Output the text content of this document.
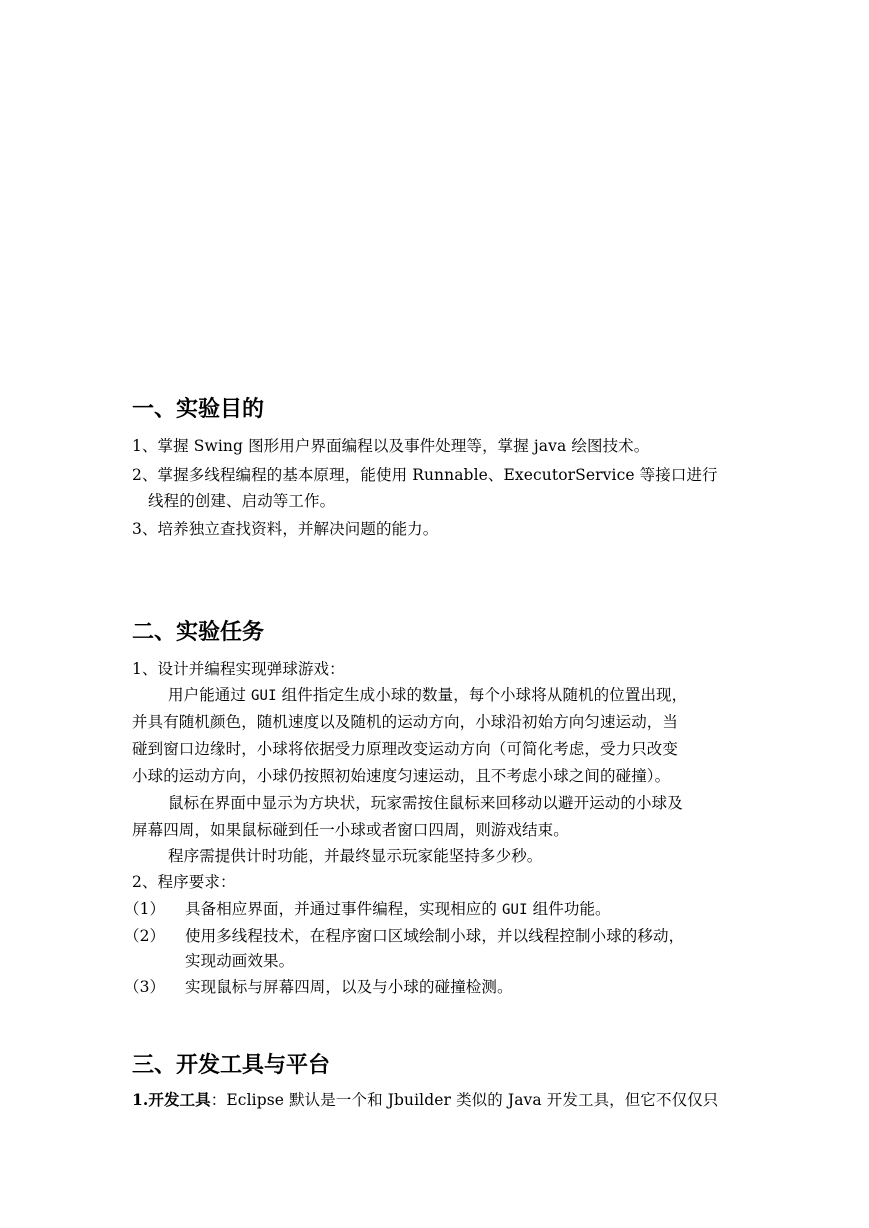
一、实验目的
1、掌握 Swing 图形用户界面编程以及事件处理等，掌握 java 绘图技术。
2、掌握多线程编程的基本原理，能使用 Runnable、ExecutorService 等接口进行
线程的创建、启动等工作。
3、培养独立查找资料，并解决问题的能力。
二、实验任务
1、设计并编程实现弹球游戏：
用户能通过 GUI 组件指定生成小球的数量，每个小球将从随机的位置出现，
并具有随机颜色，随机速度以及随机的运动方向，小球沿初始方向匀速运动，当
碰到窗口边缘时，小球将依据受力原理改变运动方向（可简化考虑，受力只改变
小球的运动方向，小球仍按照初始速度匀速运动，且不考虑小球之间的碰撞）。
鼠标在界面中显示为方块状，玩家需按住鼠标来回移动以避开运动的小球及
屏幕四周，如果鼠标碰到任一小球或者窗口四周，则游戏结束。
程序需提供计时功能，并最终显示玩家能坚持多少秒。
2、程序要求：
（1） 具备相应界面，并通过事件编程，实现相应的 GUI 组件功能。
（2） 使用多线程技术，在程序窗口区域绘制小球，并以线程控制小球的移动，
实现动画效果。
（3） 实现鼠标与屏幕四周，以及与小球的碰撞检测。
三、开发工具与平台
1.开发工具：Eclipse 默认是一个和 Jbuilder 类似的 Java 开发工具，但它不仅仅只
